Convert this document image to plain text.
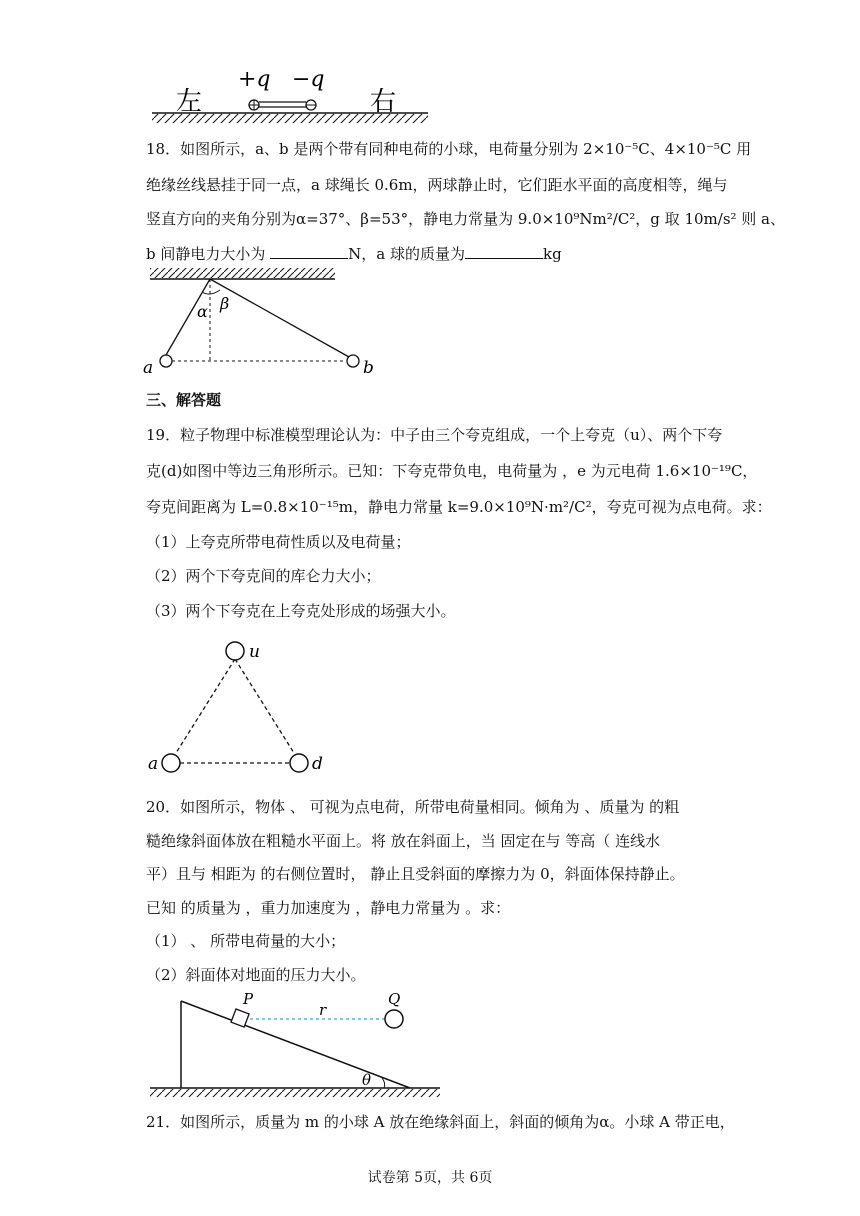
左	右
+q −q
18．如图所示，a、b 是两个带有同种电荷的小球，电荷量分别为 2×10⁻⁵C、4×10⁻⁵C 用
绝缘丝线悬挂于同一点，a 球绳长 0.6m，两球静止时，它们距水平面的高度相等，绳与
竖直方向的夹角分别为α=37°、β=53°，静电力常量为 9.0×10⁹Nm²/C²，g 取 10m/s² 则 a、
b 间静电力大小为	N，a 球的质量为	kg
a	b
α β
三、解答题
19．粒子物理中标准模型理论认为：中子由三个夸克组成，一个上夸克（u）、两个下夸
克(d)如图中等边三角形所示。已知：下夸克带负电，电荷量为 ，e 为元电荷 1.6×10⁻¹⁹C，
夸克间距离为 L=0.8×10⁻¹⁵m，静电力常量 k=9.0×10⁹N·m²/C²，夸克可视为点电荷。求：
（1）上夸克所带电荷性质以及电荷量；
（2）两个下夸克间的库仑力大小；
（3）两个下夸克在上夸克处形成的场强大小。
u
a	d
20．如图所示，物体 、 可视为点电荷，所带电荷量相同。倾角为 、质量为 的粗
糙绝缘斜面体放在粗糙水平面上。将 放在斜面上，当 固定在与 等高（ 连线水
平）且与 相距为 的右侧位置时， 静止且受斜面的摩擦力为 0，斜面体保持静止。
已知 的质量为 ，重力加速度为 ，静电力常量为 。求：
（1） 、 所带电荷量的大小；
（2）斜面体对地面的压力大小。
P	Q
r
θ
21．如图所示，质量为 m 的小球 A 放在绝缘斜面上，斜面的倾角为α。小球 A 带正电，
试卷第 5页，共 6页
